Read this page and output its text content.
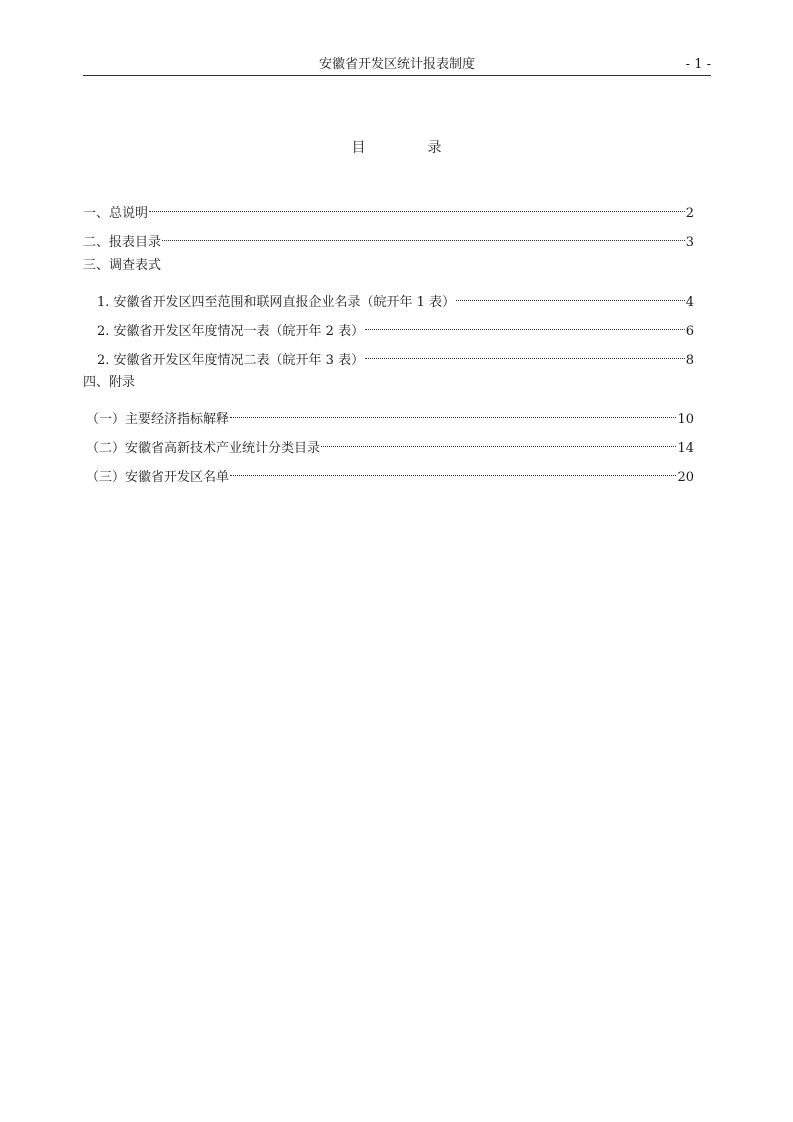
安徽省开发区统计报表制度	- 1 -
目　录
一、总说明	2
二、报表目录	3
三、调查表式
1. 安徽省开发区四至范围和联网直报企业名录（皖开年 1 表）	4
2. 安徽省开发区年度情况一表（皖开年 2 表）	6
2. 安徽省开发区年度情况二表（皖开年 3 表）	8
四、附录
（一）主要经济指标解释	10
（二）安徽省高新技术产业统计分类目录	14
（三）安徽省开发区名单	20
